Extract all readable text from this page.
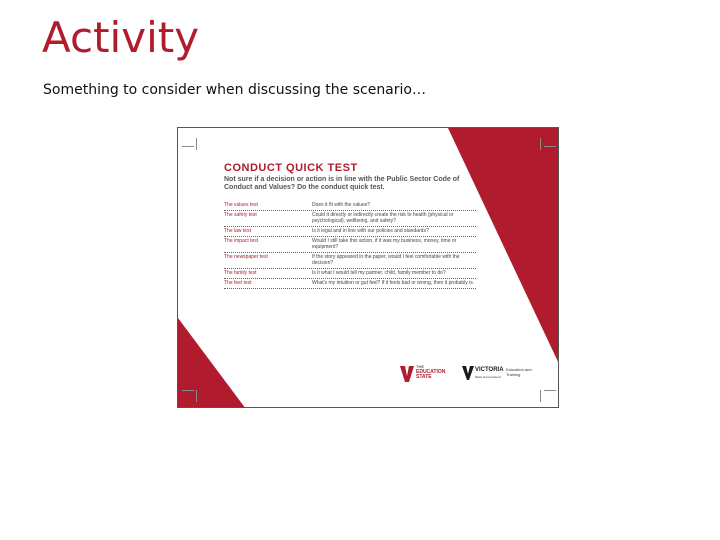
Activity
Something to consider when discussing the scenario…
CONDUCT QUICK TEST
Not sure if a decision or action is in line with the Public Sector Code of Conduct and Values? Do the conduct quick test.
The values test	Does it fit with the values?
The safety test	Could it directly or indirectly create the risk to health (physical or psychological), wellbeing, and safety?
The law test	Is it legal and in line with our policies and standards?
The impact test	Would I still take this action, if it was my business, money, time or equipment?
The newspaper test	If the story appeared in the paper, would I feel comfortable with the decision?
The family test	Is it what I would tell my partner, child, family member to do?
The feel test	What's my intuition or gut feel? If it feels bad or wrong, then it probably is.
THE
EDUCATION STATE
VICTORIA
State Government
Education and Training
